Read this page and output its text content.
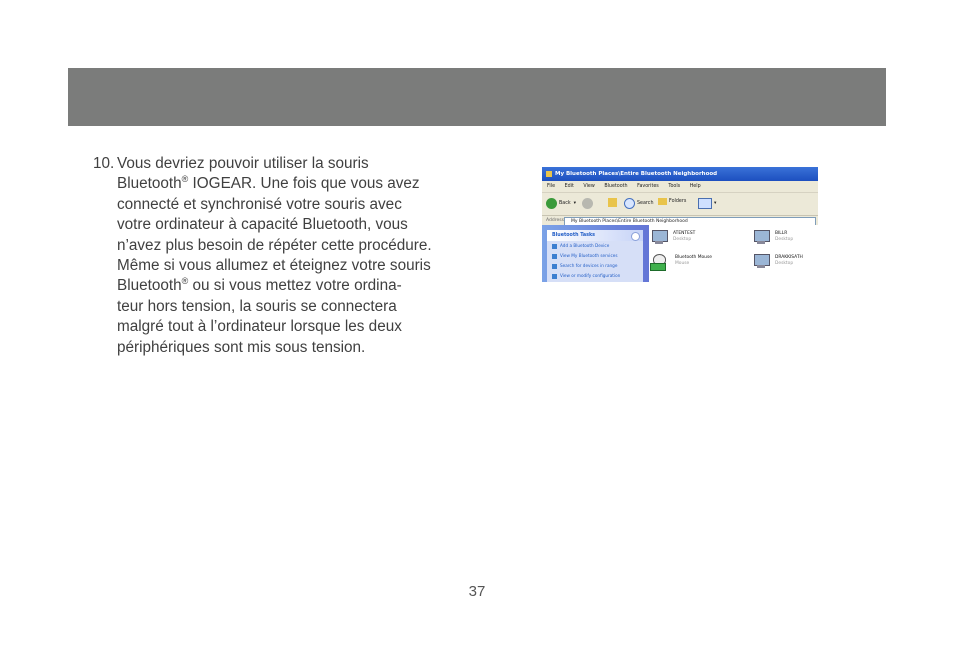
10. Vous devriez pouvoir utiliser la souris

Bluetooth® IOGEAR. Une fois que vous avez

connecté et synchronisé votre souris avec

votre ordinateur à capacité Bluetooth, vous

n’avez plus besoin de répéter cette procédure.

Même si vous allumez et éteignez votre souris

Bluetooth® ou si vous mettez votre ordina-

teur hors tension, la souris se connectera

malgré tout à l’ordinateur lorsque les deux

périphériques sont mis sous tension.

My Bluetooth Places\Entire Bluetooth Neighborhood
File Edit View Bluetooth Favorites Tools Help
Back ▾	Search	Folders	▾
Address	My Bluetooth Places\Entire Bluetooth Neighborhood
Bluetooth Tasks
Add a Bluetooth Device
View My Bluetooth services
Search for devices in range
View or modify configuration
ATENTEST
Desktop
BILLR
Desktop
Bluetooth Mouse
Mouse
DRAKKISATH
Desktop
37
